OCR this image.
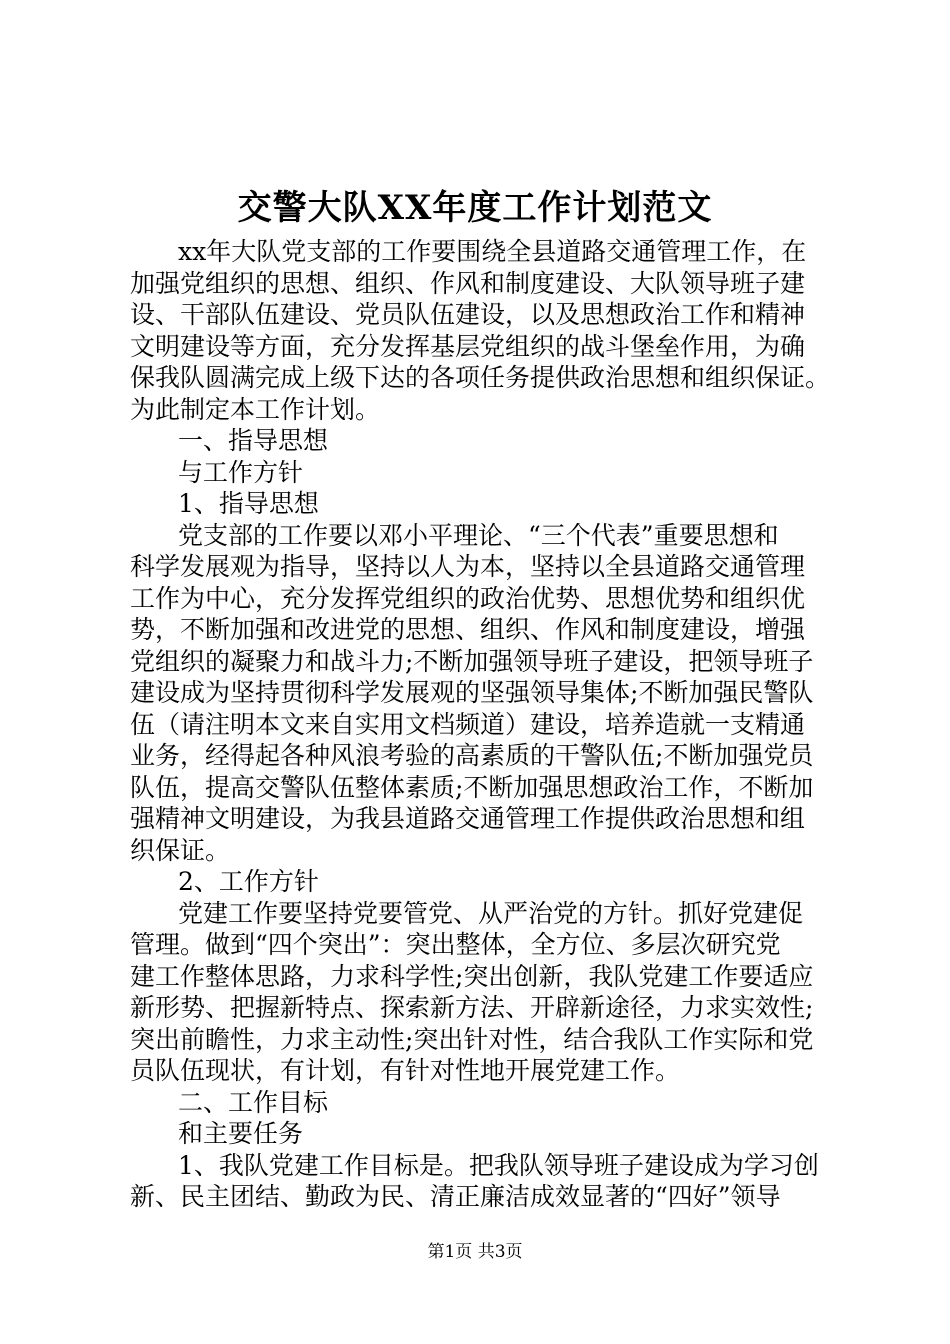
交警大队XX年度工作计划范文
xx年大队党支部的工作要围绕全县道路交通管理工作，在
加强党组织的思想、组织、作风和制度建设、大队领导班子建
设、干部队伍建设、党员队伍建设，以及思想政治工作和精神
文明建设等方面，充分发挥基层党组织的战斗堡垒作用，为确
保我队圆满完成上级下达的各项任务提供政治思想和组织保证。
为此制定本工作计划。
一、指导思想
与工作方针
1、指导思想
党支部的工作要以邓小平理论、“三个代表”重要思想和
科学发展观为指导，坚持以人为本，坚持以全县道路交通管理
工作为中心，充分发挥党组织的政治优势、思想优势和组织优
势，不断加强和改进党的思想、组织、作风和制度建设，增强
党组织的凝聚力和战斗力;不断加强领导班子建设，把领导班子
建设成为坚持贯彻科学发展观的坚强领导集体;不断加强民警队
伍（请注明本文来自实用文档频道）建设，培养造就一支精通
业务，经得起各种风浪考验的高素质的干警队伍;不断加强党员
队伍，提高交警队伍整体素质;不断加强思想政治工作，不断加
强精神文明建设，为我县道路交通管理工作提供政治思想和组
织保证。
2、工作方针
党建工作要坚持党要管党、从严治党的方针。抓好党建促
管理。做到“四个突出”：突出整体，全方位、多层次研究党
建工作整体思路，力求科学性;突出创新，我队党建工作要适应
新形势、把握新特点、探索新方法、开辟新途径，力求实效性;
突出前瞻性，力求主动性;突出针对性，结合我队工作实际和党
员队伍现状，有计划，有针对性地开展党建工作。
二、工作目标
和主要任务
1、我队党建工作目标是。把我队领导班子建设成为学习创
新、民主团结、勤政为民、清正廉洁成效显著的“四好”领导
第1页 共3页
